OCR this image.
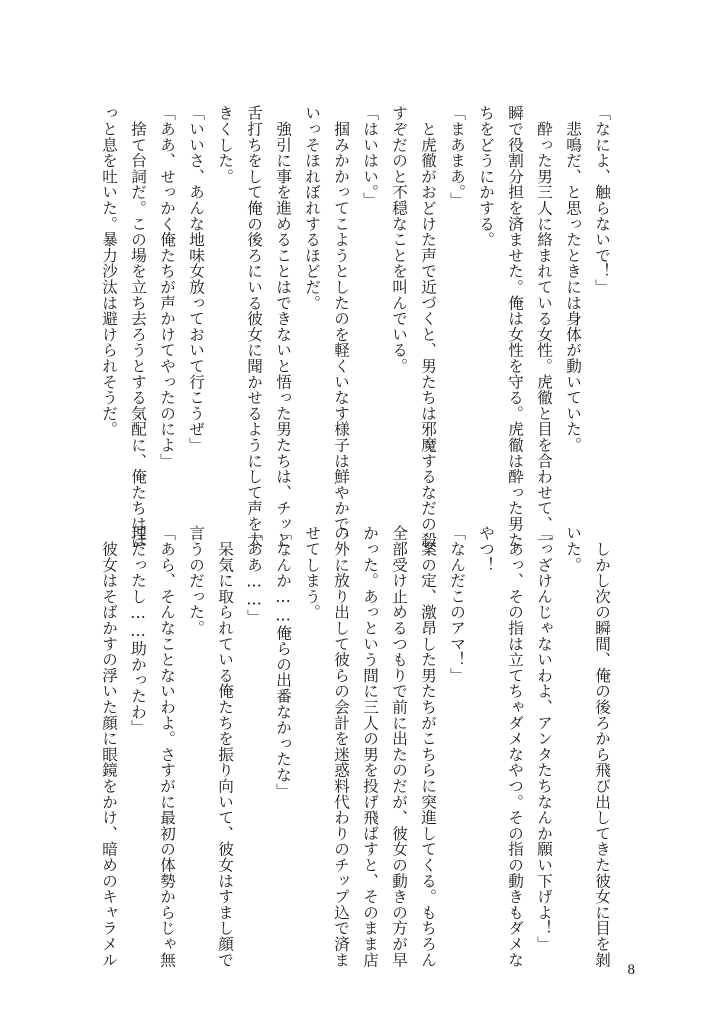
「なによ、触らないで！」
　悲鳴だ、と思ったときには身体が動いていた。
　酔った男三人に絡まれている女性。虎徹と目を合わせて、一
瞬で役割分担を済ませた。俺は女性を守る。虎徹は酔った男た
ちをどうにかする。
「まあまあ。」
　と虎徹がおどけた声で近づくと、男たちは邪魔するなだの殺
すぞだのと不穏なことを叫んでいる。
「はいはい。」
　掴みかかってこようとしたのを軽くいなす様子は鮮やかで、
いっそほれぼれするほどだ。
　強引に事を進めることはできないと悟った男たちは、チッと
舌打ちをして俺の後ろにいる彼女に聞かせるようにして声を大
きくした。
「いいさ、あんな地味女放っておいて行こうぜ」
「ああ、せっかく俺たちが声かけてやったのによ」
　捨て台詞だ。この場を立ち去ろうとする気配に、俺たちはほ
っと息を吐いた。暴力沙汰は避けられそうだ。
　しかし次の瞬間、俺の後ろから飛び出してきた彼女に目を剝
いた。
「っざけんじゃないわよ、アンタたちなんか願い下げよ！」
　あっ、その指は立てちゃダメなやつ。その指の動きもダメな
やつ！
「なんだこのアマ！」
　案の定、激昂した男たちがこちらに突進してくる。もちろん
全部受け止めるつもりで前に出たのだが、彼女の動きの方が早
かった。あっという間に三人の男を投げ飛ばすと、そのまま店
の外に放り出して彼らの会計を迷惑料代わりのチップ込で済ま
せてしまう。
「なんか……俺らの出番なかったな」
「ああ……」
　呆気に取られている俺たちを振り向いて、彼女はすまし顔で
言うのだった。
「あら、そんなことないわよ。さすがに最初の体勢からじゃ無
理だったし……助かったわ」
　彼女はそばかすの浮いた顔に眼鏡をかけ、暗めのキャラメル
8
